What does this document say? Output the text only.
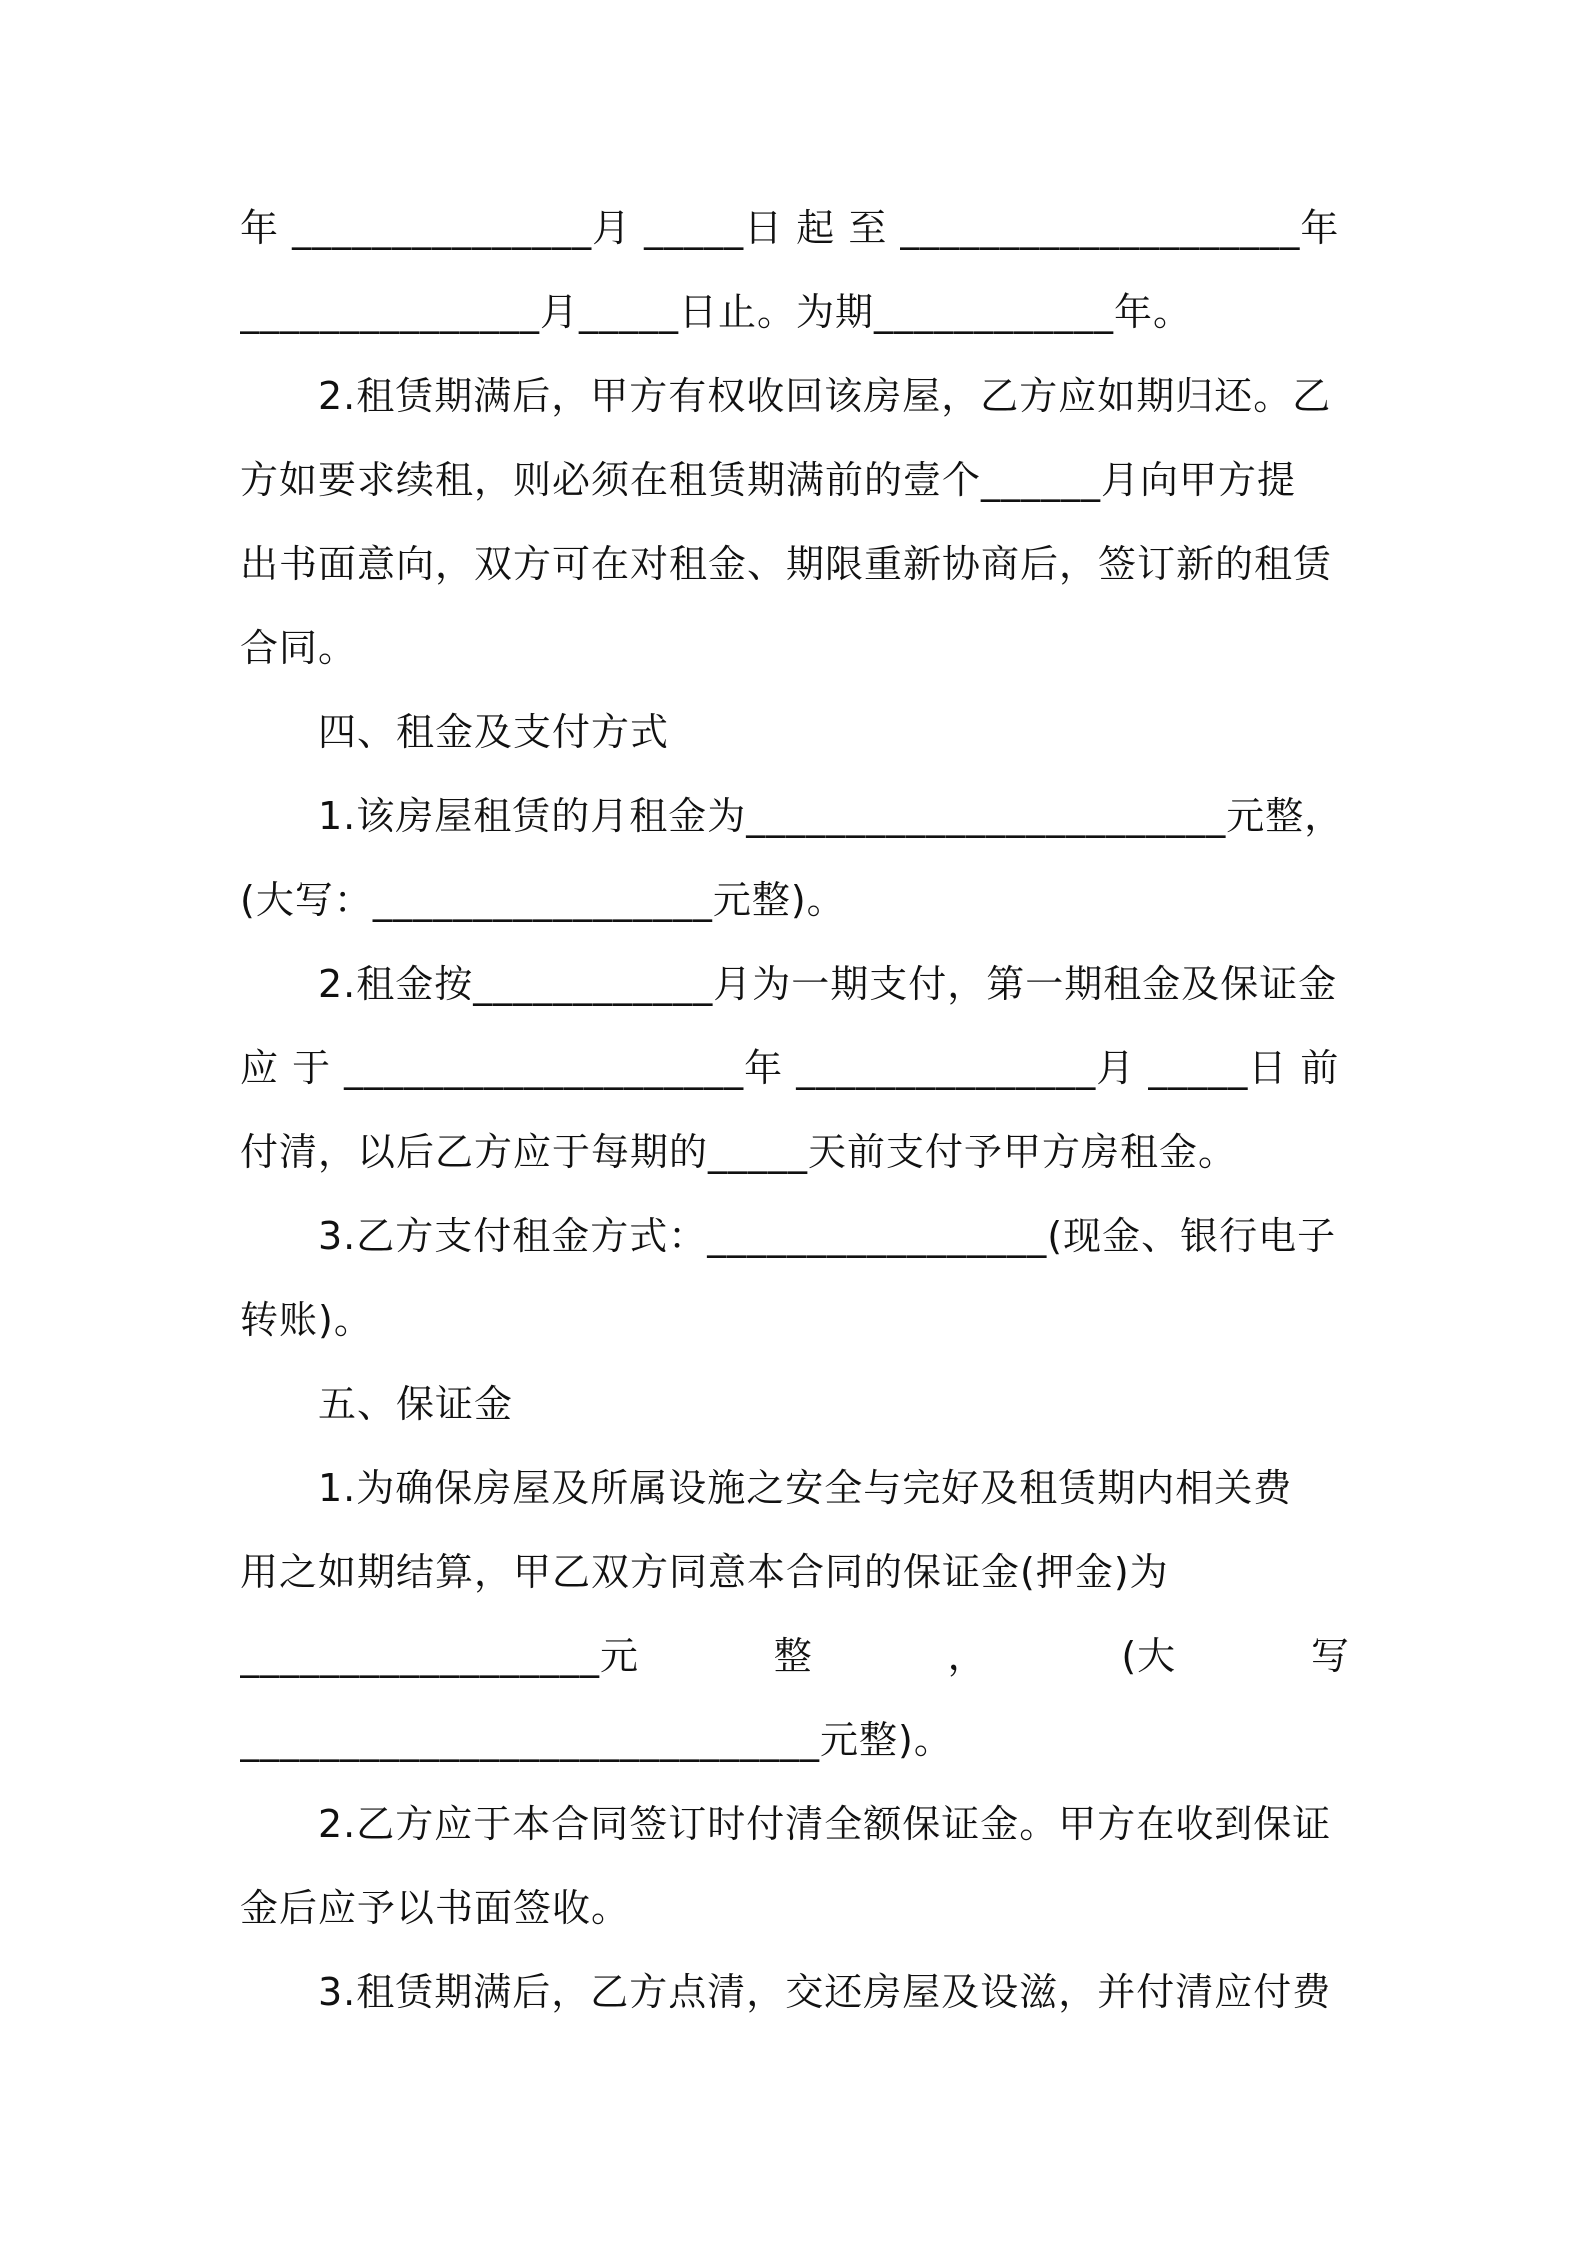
年 _______________月 _____日 起 至 ____________________年
_______________月_____日止。为期____________年。
2.租赁期满后，甲方有权收回该房屋，乙方应如期归还。乙
方如要求续租，则必须在租赁期满前的壹个______月向甲方提
出书面意向，双方可在对租金、期限重新协商后，签订新的租赁
合同。
四、租金及支付方式
1.该房屋租赁的月租金为________________________元整，
(大写：_________________元整)。
2.租金按____________月为一期支付，第一期租金及保证金
应 于 ____________________年 _______________月 _____日 前
付清，以后乙方应于每期的_____天前支付予甲方房租金。
3.乙方支付租金方式：_________________(现金、银行电子
转账)。
五、保证金
1.为确保房屋及所属设施之安全与完好及租赁期内相关费
用之如期结算，甲乙双方同意本合同的保证金(押金)为
__________________元	整	，	(大	写
_____________________________元整)。
2.乙方应于本合同签订时付清全额保证金。甲方在收到保证
金后应予以书面签收。
3.租赁期满后，乙方点清，交还房屋及设滋，并付清应付费
